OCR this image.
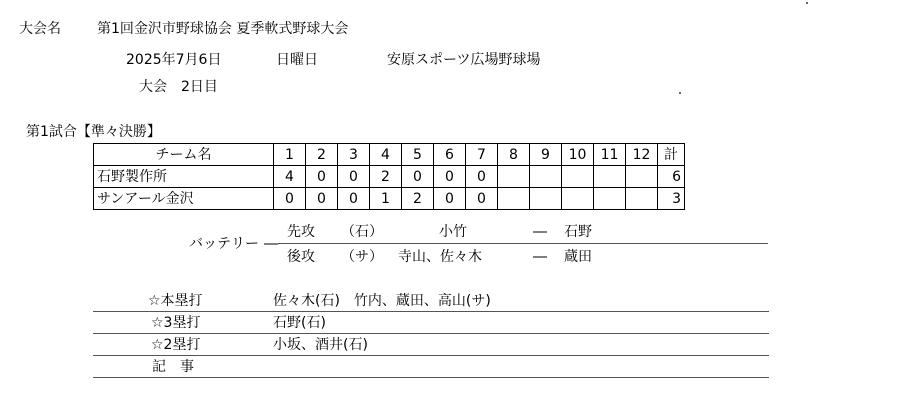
大会名	第1回金沢市野球協会 夏季軟式野球大会
2025年7月6日	日曜日	安原スポーツ広場野球場
大会　2日目
第1試合【準々決勝】
チーム名	1	2	3	4	5	6	7	8	9	10	11	12	計
石野製作所	4	0	0	2	0	0	0						6
サンアール金沢	0	0	0	1	2	0	0						3
バッテリー ―
先攻 （石）	小竹	― 石野
後攻 （サ） 寺山、佐々木	― 蔵田
☆本塁打	佐々木(石)　竹内、蔵田、高山(サ)
☆3塁打	石野(石)
☆2塁打	小坂、酒井(石)
記　事
